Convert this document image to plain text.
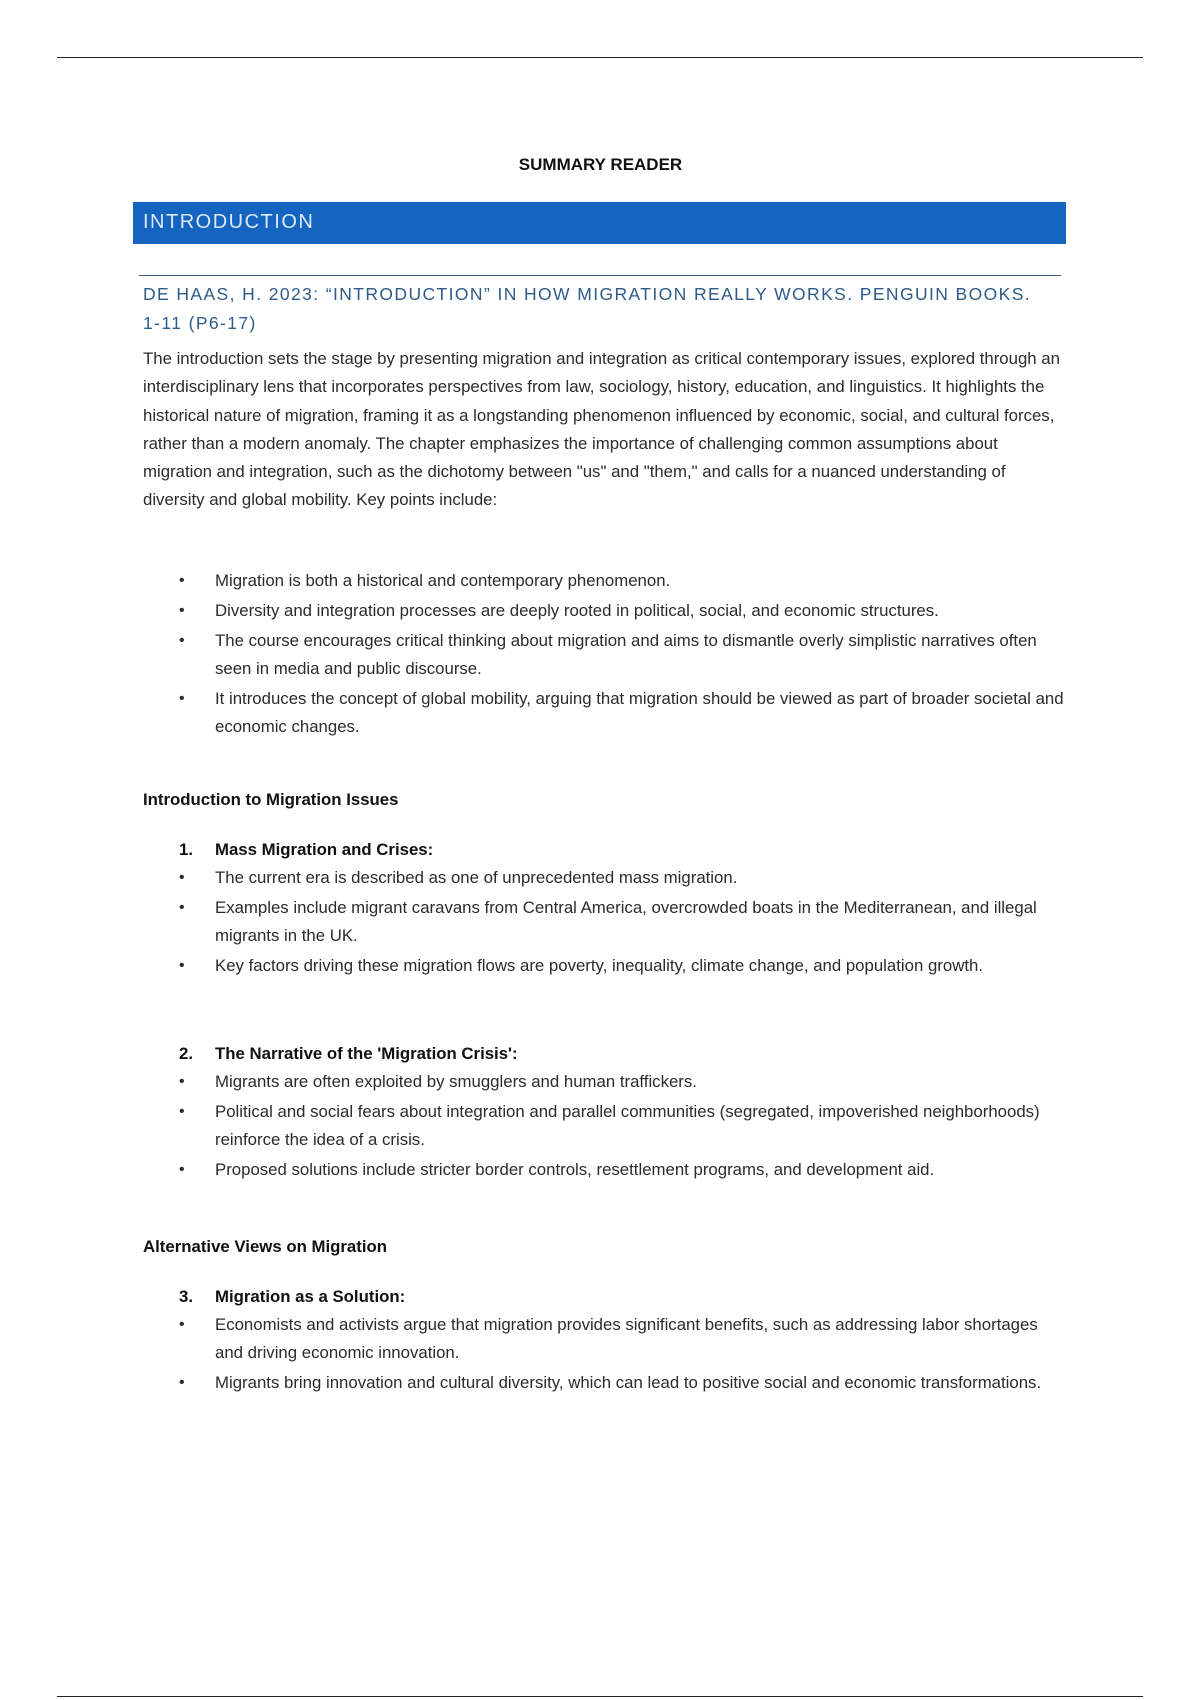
SUMMARY READER
INTRODUCTION

DE HAAS, H. 2023: “INTRODUCTION” IN HOW MIGRATION REALLY WORKS. PENGUIN BOOKS. 1-11 (P6-17)

The introduction sets the stage by presenting migration and integration as critical contemporary issues, explored through an interdisciplinary lens that incorporates perspectives from law, sociology, history, education, and linguistics. It highlights the historical nature of migration, framing it as a longstanding phenomenon influenced by economic, social, and cultural forces, rather than a modern anomaly. The chapter emphasizes the importance of challenging common assumptions about migration and integration, such as the dichotomy between "us" and "them," and calls for a nuanced understanding of diversity and global mobility. Key points include:

• Migration is both a historical and contemporary phenomenon.
• Diversity and integration processes are deeply rooted in political, social, and economic structures.
• The course encourages critical thinking about migration and aims to dismantle overly simplistic narratives often seen in media and public discourse.
• It introduces the concept of global mobility, arguing that migration should be viewed as part of broader societal and economic changes.
Introduction to Migration Issues
1. Mass Migration and Crises:
• The current era is described as one of unprecedented mass migration.
• Examples include migrant caravans from Central America, overcrowded boats in the Mediterranean, and illegal migrants in the UK.
• Key factors driving these migration flows are poverty, inequality, climate change, and population growth.
2. The Narrative of the 'Migration Crisis':
• Migrants are often exploited by smugglers and human traffickers.
• Political and social fears about integration and parallel communities (segregated, impoverished neighborhoods) reinforce the idea of a crisis.
• Proposed solutions include stricter border controls, resettlement programs, and development aid.
Alternative Views on Migration
3. Migration as a Solution:
• Economists and activists argue that migration provides significant benefits, such as addressing labor shortages and driving economic innovation.
• Migrants bring innovation and cultural diversity, which can lead to positive social and economic transformations.
